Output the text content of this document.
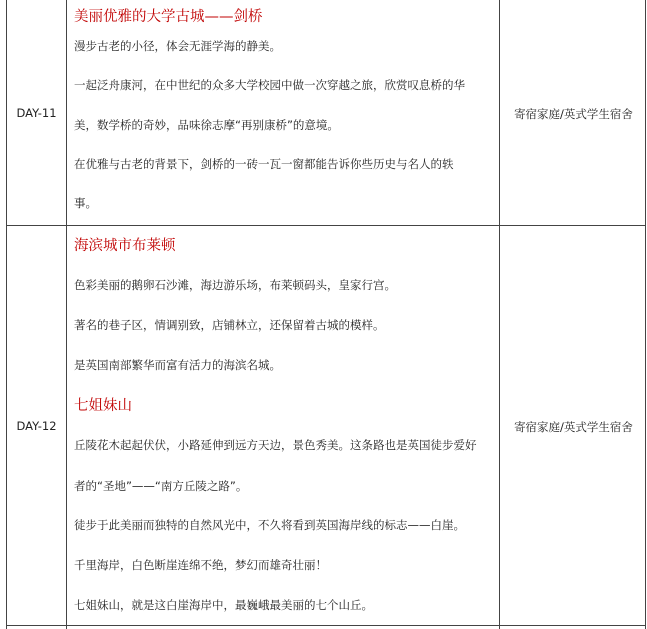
DAY-11	寄宿家庭/英式学生宿舍
美丽优雅的大学古城——剑桥
漫步古老的小径，体会无涯学海的静美。
一起泛舟康河，在中世纪的众多大学校园中做一次穿越之旅，欣赏叹息桥的华
美，数学桥的奇妙，品味徐志摩“再别康桥”的意境。
在优雅与古老的背景下，剑桥的一砖一瓦一窗都能告诉你些历史与名人的轶
事。
DAY-12	寄宿家庭/英式学生宿舍
海滨城市布莱顿
色彩美丽的鹅卵石沙滩，海边游乐场，布莱顿码头，皇家行宫。
著名的巷子区，情调别致，店铺林立，还保留着古城的模样。
是英国南部繁华而富有活力的海滨名城。
七姐妹山
丘陵花木起起伏伏，小路延伸到远方天边，景色秀美。这条路也是英国徒步爱好
者的“圣地”——“南方丘陵之路”。
徒步于此美丽而独特的自然风光中，不久将看到英国海岸线的标志——白崖。
千里海岸，白色断崖连绵不绝，梦幻而雄奇壮丽！
七姐妹山，就是这白崖海岸中，最巍峨最美丽的七个山丘。
